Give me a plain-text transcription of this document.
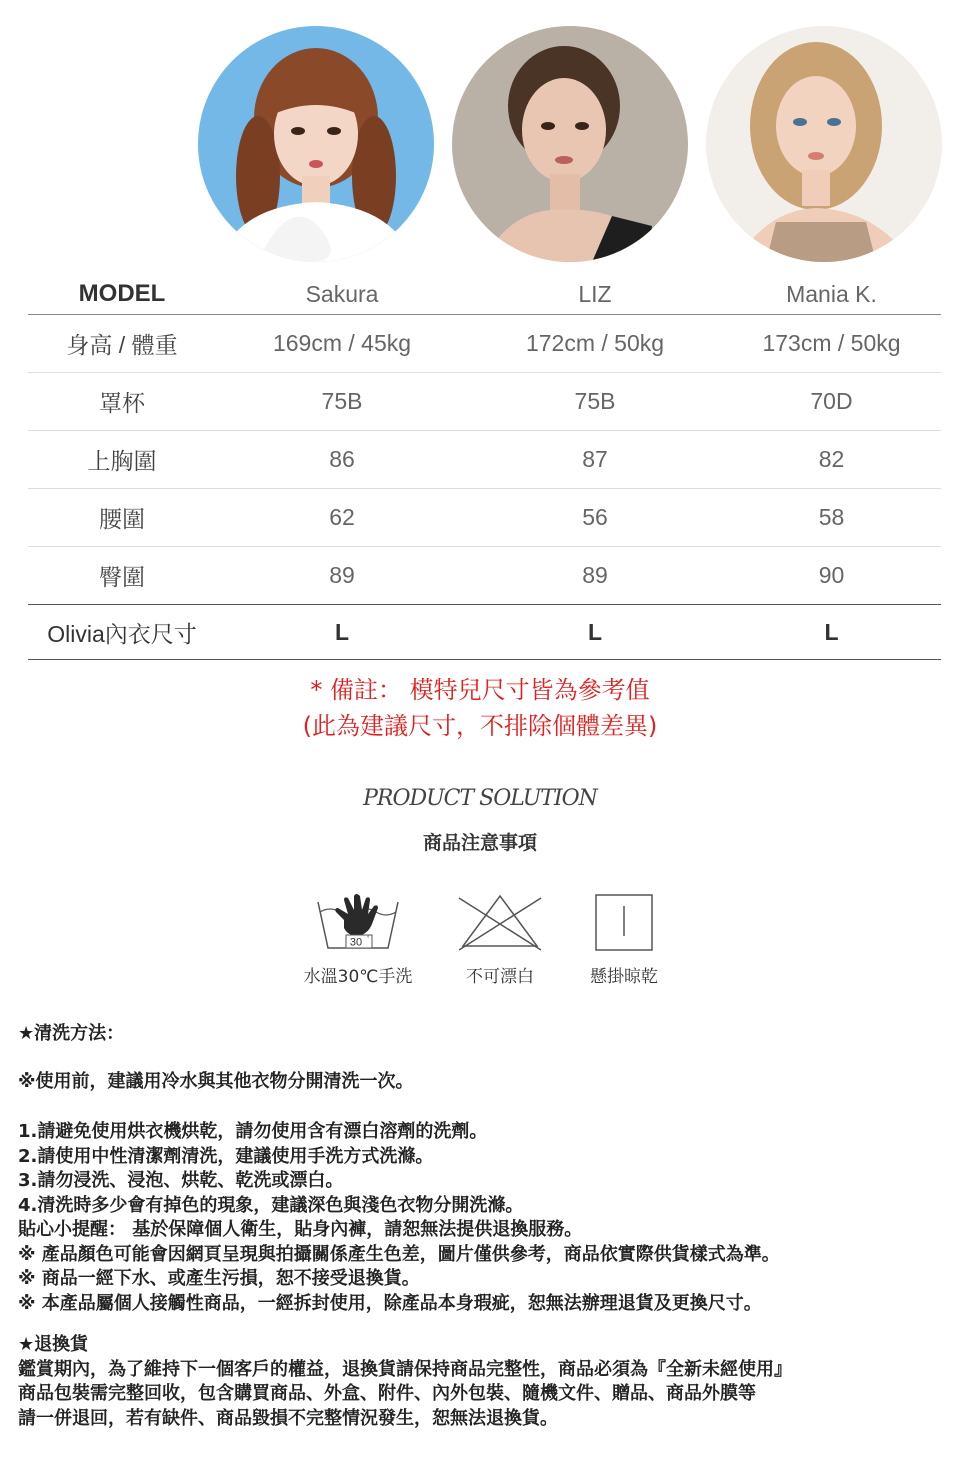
MODEL	Sakura	LIZ	Mania K.
身高 / 體重	169cm / 45kg	172cm / 50kg	173cm / 50kg
罩杯	75B	75B	70D
上胸圍	86	87	82
腰圍	62	56	58
臀圍	89	89	90
Olivia內衣尺寸	L	L	L
* 備註： 模特兒尺寸皆為參考值
(此為建議尺寸，不排除個體差異)
PRODUCT SOLUTION
商品注意事項
30 °
水溫30℃手洗	不可漂白	懸掛晾乾

★清洗方法：

※使用前，建議用冷水與其他衣物分開清洗一次。

1.請避免使用烘衣機烘乾，請勿使用含有漂白溶劑的洗劑。

2.請使用中性清潔劑清洗，建議使用手洗方式洗滌。

3.請勿浸洗、浸泡、烘乾、乾洗或漂白。

4.清洗時多少會有掉色的現象，建議深色與淺色衣物分開洗滌。

貼心小提醒： 基於保障個人衛生，貼身內褲，請恕無法提供退換服務。

※ 產品顏色可能會因網頁呈現與拍攝關係產生色差，圖片僅供參考，商品依實際供貨樣式為準。

※ 商品一經下水、或產生污損，恕不接受退換貨。

※ 本產品屬個人接觸性商品，一經拆封使用，除產品本身瑕疵，恕無法辦理退貨及更換尺寸。

★退換貨

鑑賞期內，為了維持下一個客戶的權益，退換貨請保持商品完整性，商品必須為『全新未經使用』

商品包裝需完整回收，包含購買商品、外盒、附件、內外包裝、隨機文件、贈品、商品外膜等

請一併退回，若有缺件、商品毀損不完整情況發生，恕無法退換貨。
